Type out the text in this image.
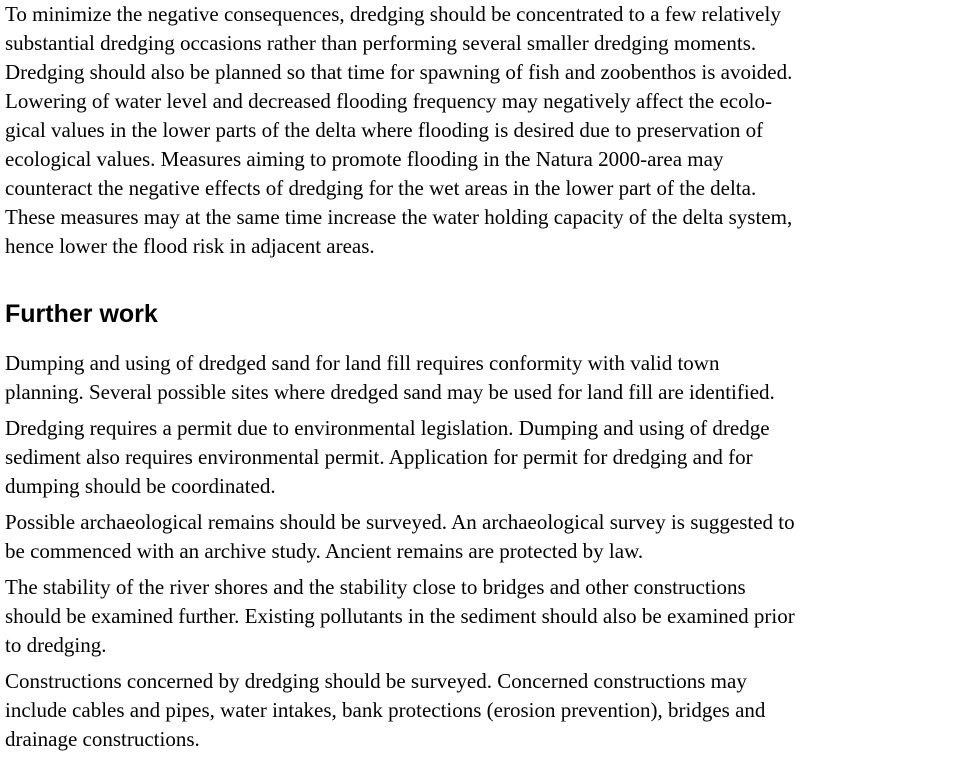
To minimize the negative consequences, dredging should be concentrated to a few relatively
substantial dredging occasions rather than performing several smaller dredging moments.
Dredging should also be planned so that time for spawning of fish and zoobenthos is avoided.
Lowering of water level and decreased flooding frequency may negatively affect the ecolo-
gical values in the lower parts of the delta where flooding is desired due to preservation of
ecological values. Measures aiming to promote flooding in the Natura 2000-area may
counteract the negative effects of dredging for the wet areas in the lower part of the delta.
These measures may at the same time increase the water holding capacity of the delta system,
hence lower the flood risk in adjacent areas.

Further work

Dumping and using of dredged sand for land fill requires conformity with valid town
planning. Several possible sites where dredged sand may be used for land fill are identified.

Dredging requires a permit due to environmental legislation. Dumping and using of dredge
sediment also requires environmental permit. Application for permit for dredging and for
dumping should be coordinated.

Possible archaeological remains should be surveyed. An archaeological survey is suggested to
be commenced with an archive study. Ancient remains are protected by law.

The stability of the river shores and the stability close to bridges and other constructions
should be examined further. Existing pollutants in the sediment should also be examined prior
to dredging.

Constructions concerned by dredging should be surveyed. Concerned constructions may
include cables and pipes, water intakes, bank protections (erosion prevention), bridges and
drainage constructions.
